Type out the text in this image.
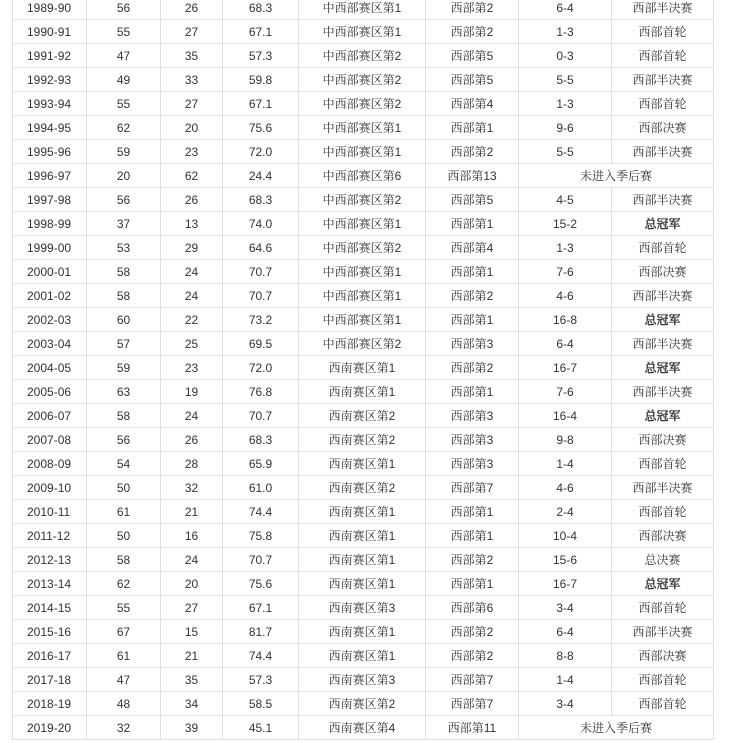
1989-90	56	26	68.3	中西部赛区第1	西部第2	6-4	西部半决赛
1990-91	55	27	67.1	中西部赛区第1	西部第2	1-3	西部首轮
1991-92	47	35	57.3	中西部赛区第2	西部第5	0-3	西部首轮
1992-93	49	33	59.8	中西部赛区第2	西部第5	5-5	西部半决赛
1993-94	55	27	67.1	中西部赛区第2	西部第4	1-3	西部首轮
1994-95	62	20	75.6	中西部赛区第1	西部第1	9-6	西部决赛
1995-96	59	23	72.0	中西部赛区第1	西部第2	5-5	西部半决赛
1996-97	20	62	24.4	中西部赛区第6	西部第13	未进入季后赛	
1997-98	56	26	68.3	中西部赛区第2	西部第5	4-5	西部半决赛
1998-99	37	13	74.0	中西部赛区第1	西部第1	15-2	总冠军
1999-00	53	29	64.6	中西部赛区第2	西部第4	1-3	西部首轮
2000-01	58	24	70.7	中西部赛区第1	西部第1	7-6	西部决赛
2001-02	58	24	70.7	中西部赛区第1	西部第2	4-6	西部半决赛
2002-03	60	22	73.2	中西部赛区第1	西部第1	16-8	总冠军
2003-04	57	25	69.5	中西部赛区第2	西部第3	6-4	西部半决赛
2004-05	59	23	72.0	西南赛区第1	西部第2	16-7	总冠军
2005-06	63	19	76.8	西南赛区第1	西部第1	7-6	西部半决赛
2006-07	58	24	70.7	西南赛区第2	西部第3	16-4	总冠军
2007-08	56	26	68.3	西南赛区第2	西部第3	9-8	西部决赛
2008-09	54	28	65.9	西南赛区第1	西部第3	1-4	西部首轮
2009-10	50	32	61.0	西南赛区第2	西部第7	4-6	西部半决赛
2010-11	61	21	74.4	西南赛区第1	西部第1	2-4	西部首轮
2011-12	50	16	75.8	西南赛区第1	西部第1	10-4	西部决赛
2012-13	58	24	70.7	西南赛区第1	西部第2	15-6	总决赛
2013-14	62	20	75.6	西南赛区第1	西部第1	16-7	总冠军
2014-15	55	27	67.1	西南赛区第3	西部第6	3-4	西部首轮
2015-16	67	15	81.7	西南赛区第1	西部第2	6-4	西部半决赛
2016-17	61	21	74.4	西南赛区第1	西部第2	8-8	西部决赛
2017-18	47	35	57.3	西南赛区第3	西部第7	1-4	西部首轮
2018-19	48	34	58.5	西南赛区第2	西部第7	3-4	西部首轮
2019-20	32	39	45.1	西南赛区第4	西部第11	未进入季后赛	
